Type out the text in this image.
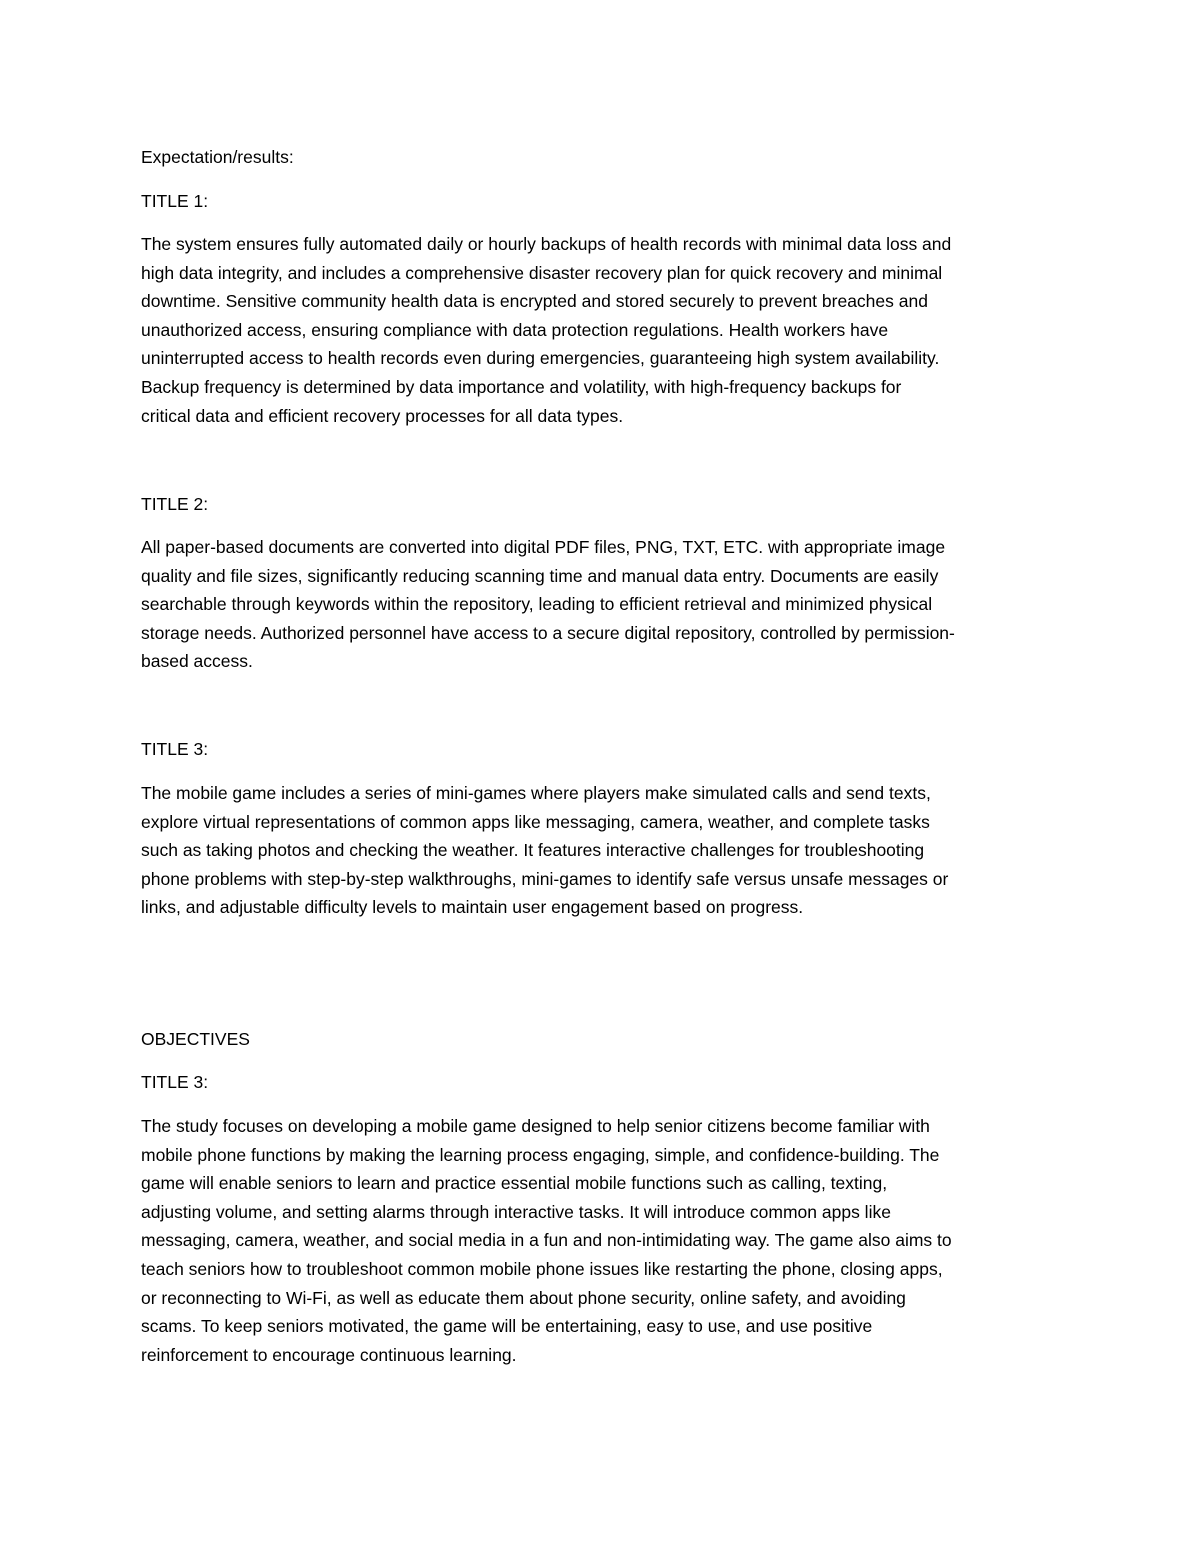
Expectation/results:

TITLE 1:

The system ensures fully automated daily or hourly backups of health records with minimal data loss and
high data integrity, and includes a comprehensive disaster recovery plan for quick recovery and minimal
downtime. Sensitive community health data is encrypted and stored securely to prevent breaches and
unauthorized access, ensuring compliance with data protection regulations. Health workers have
uninterrupted access to health records even during emergencies, guaranteeing high system availability.
Backup frequency is determined by data importance and volatility, with high-frequency backups for
critical data and efficient recovery processes for all data types.

TITLE 2:

All paper-based documents are converted into digital PDF files, PNG, TXT, ETC. with appropriate image
quality and file sizes, significantly reducing scanning time and manual data entry. Documents are easily
searchable through keywords within the repository, leading to efficient retrieval and minimized physical
storage needs. Authorized personnel have access to a secure digital repository, controlled by permission-
based access.

TITLE 3:

The mobile game includes a series of mini-games where players make simulated calls and send texts,
explore virtual representations of common apps like messaging, camera, weather, and complete tasks
such as taking photos and checking the weather. It features interactive challenges for troubleshooting
phone problems with step-by-step walkthroughs, mini-games to identify safe versus unsafe messages or
links, and adjustable difficulty levels to maintain user engagement based on progress.

OBJECTIVES

TITLE 3:

The study focuses on developing a mobile game designed to help senior citizens become familiar with
mobile phone functions by making the learning process engaging, simple, and confidence-building. The
game will enable seniors to learn and practice essential mobile functions such as calling, texting,
adjusting volume, and setting alarms through interactive tasks. It will introduce common apps like
messaging, camera, weather, and social media in a fun and non-intimidating way. The game also aims to
teach seniors how to troubleshoot common mobile phone issues like restarting the phone, closing apps,
or reconnecting to Wi-Fi, as well as educate them about phone security, online safety, and avoiding
scams. To keep seniors motivated, the game will be entertaining, easy to use, and use positive
reinforcement to encourage continuous learning.
